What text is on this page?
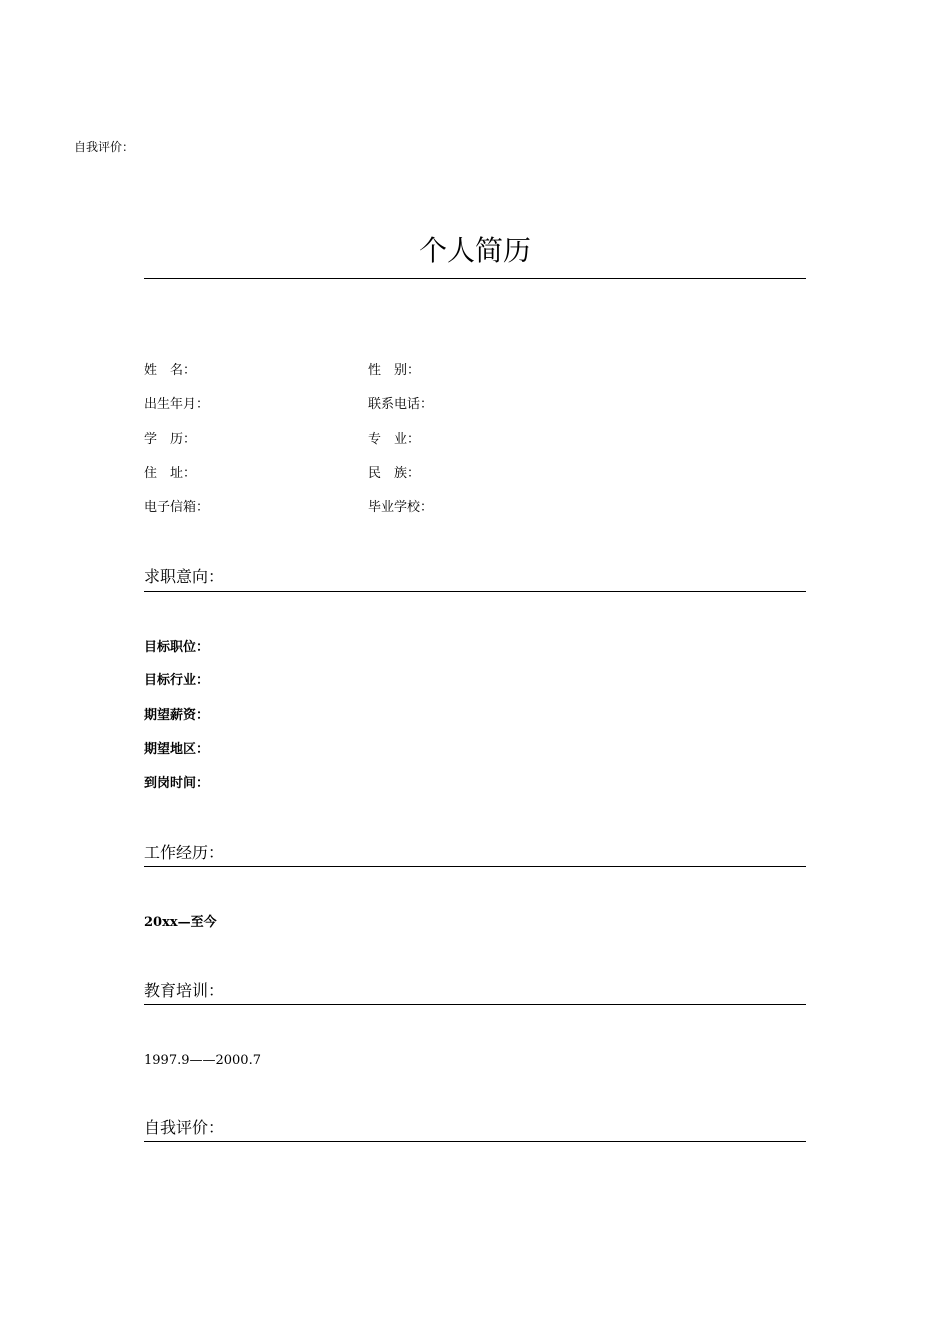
自我评价：
个人简历
姓　名：
出生年月：
学　历：
住　址：
电子信箱：
性　别：
联系电话：
专　业：
民　族：
毕业学校：
求职意向：
目标职位：
目标行业：
期望薪资：
期望地区：
到岗时间：
工作经历：
20xx—至今
教育培训：
1997.9——2000.7
自我评价：
